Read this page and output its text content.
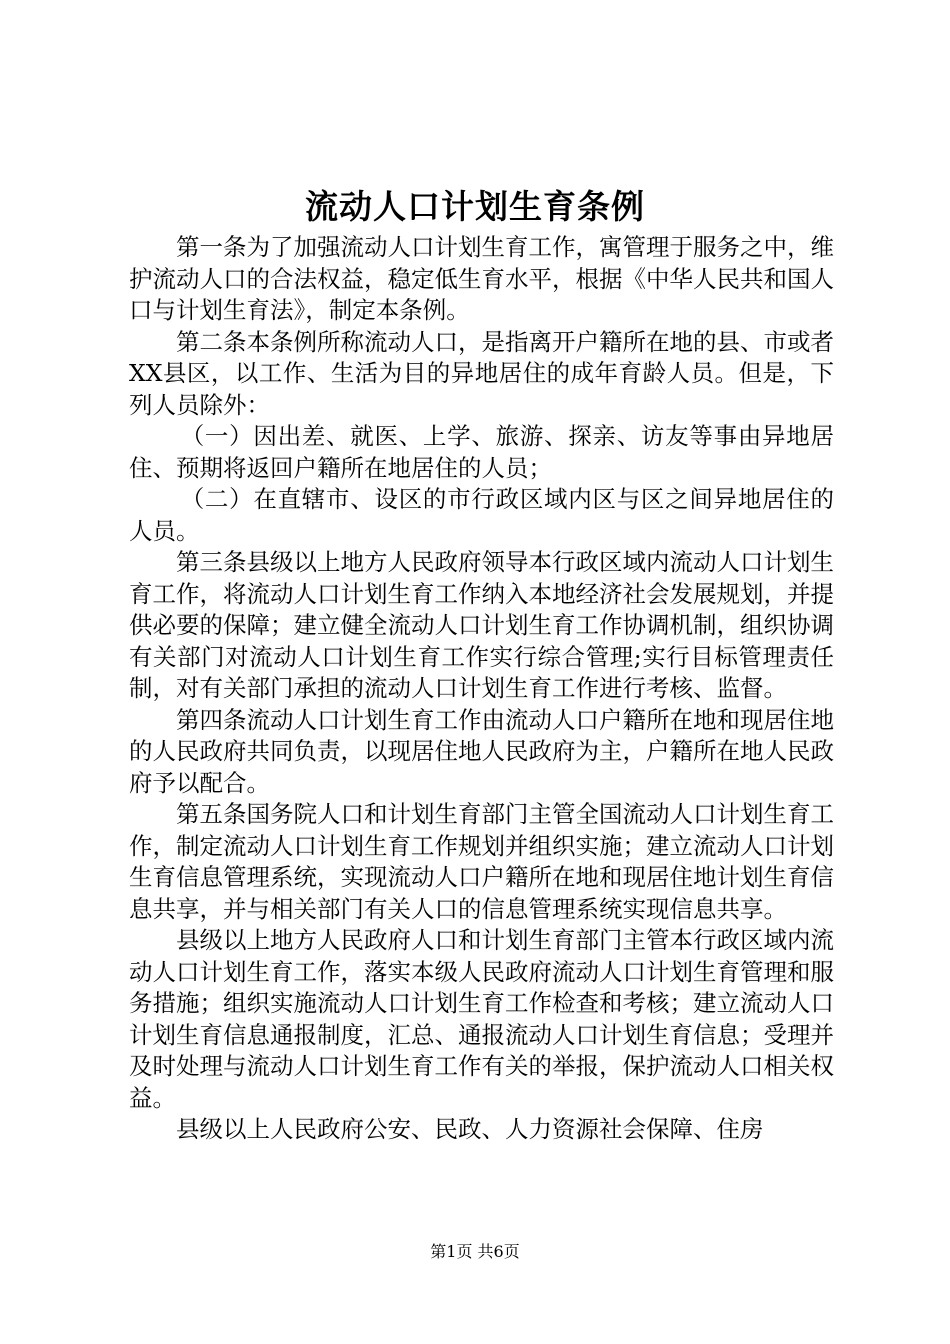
流动人口计划生育条例

第一条为了加强流动人口计划生育工作，寓管理于服务之中，维护流动人口的合法权益，稳定低生育水平，根据《中华人民共和国人口与计划生育法》，制定本条例。

第二条本条例所称流动人口，是指离开户籍所在地的县、市或者XX县区，以工作、生活为目的异地居住的成年育龄人员。但是，下列人员除外：

（一）因出差、就医、上学、旅游、探亲、访友等事由异地居住、预期将返回户籍所在地居住的人员；

（二）在直辖市、设区的市行政区域内区与区之间异地居住的人员。

第三条县级以上地方人民政府领导本行政区域内流动人口计划生育工作，将流动人口计划生育工作纳入本地经济社会发展规划，并提供必要的保障；建立健全流动人口计划生育工作协调机制，组织协调有关部门对流动人口计划生育工作实行综合管理;实行目标管理责任制，对有关部门承担的流动人口计划生育工作进行考核、监督。

第四条流动人口计划生育工作由流动人口户籍所在地和现居住地的人民政府共同负责，以现居住地人民政府为主，户籍所在地人民政府予以配合。

第五条国务院人口和计划生育部门主管全国流动人口计划生育工作，制定流动人口计划生育工作规划并组织实施；建立流动人口计划生育信息管理系统，实现流动人口户籍所在地和现居住地计划生育信息共享，并与相关部门有关人口的信息管理系统实现信息共享。

县级以上地方人民政府人口和计划生育部门主管本行政区域内流动人口计划生育工作，落实本级人民政府流动人口计划生育管理和服务措施；组织实施流动人口计划生育工作检查和考核；建立流动人口计划生育信息通报制度，汇总、通报流动人口计划生育信息；受理并及时处理与流动人口计划生育工作有关的举报，保护流动人口相关权益。

县级以上人民政府公安、民政、人力资源社会保障、住房

第1页 共6页
